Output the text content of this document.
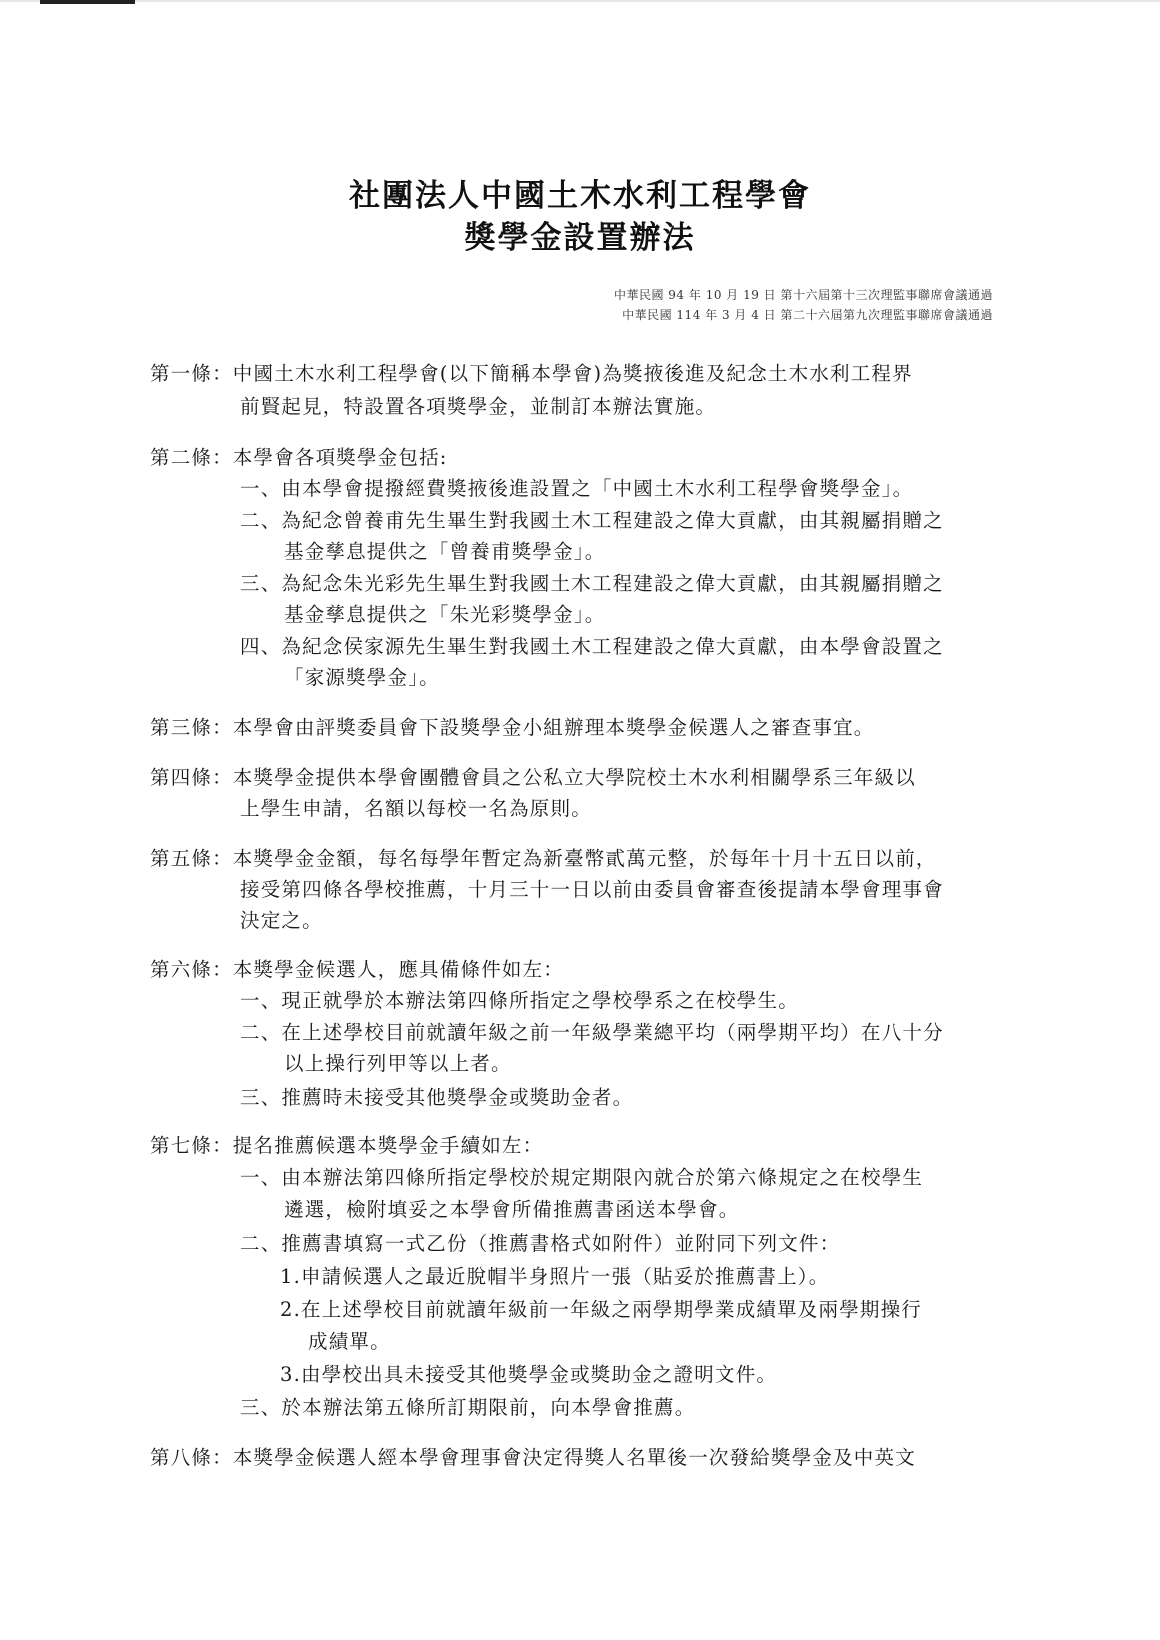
社團法人中國土木水利工程學會
獎學金設置辦法
中華民國 94 年 10 月 19 日 第十六屆第十三次理監事聯席會議通過
中華民國 114 年 3 月 4 日 第二十六屆第九次理監事聯席會議通過
第一條：中國土木水利工程學會(以下簡稱本學會)為獎掖後進及紀念土木水利工程界
前賢起見，特設置各項獎學金，並制訂本辦法實施。
第二條：本學會各項獎學金包括:
一、由本學會提撥經費獎掖後進設置之「中國土木水利工程學會獎學金」。
二、為紀念曾養甫先生畢生對我國土木工程建設之偉大貢獻，由其親屬捐贈之
基金孳息提供之「曾養甫獎學金」。
三、為紀念朱光彩先生畢生對我國土木工程建設之偉大貢獻，由其親屬捐贈之
基金孳息提供之「朱光彩獎學金」。
四、為紀念侯家源先生畢生對我國土木工程建設之偉大貢獻，由本學會設置之
「家源獎學金」。
第三條：本學會由評獎委員會下設獎學金小組辦理本獎學金候選人之審查事宜。
第四條：本獎學金提供本學會團體會員之公私立大學院校土木水利相關學系三年級以
上學生申請，名額以每校一名為原則。
第五條：本獎學金金額，每名每學年暫定為新臺幣貳萬元整，於每年十月十五日以前，
接受第四條各學校推薦，十月三十一日以前由委員會審查後提請本學會理事會
決定之。
第六條：本獎學金候選人，應具備條件如左：
一、現正就學於本辦法第四條所指定之學校學系之在校學生。
二、在上述學校目前就讀年級之前一年級學業總平均（兩學期平均）在八十分
以上操行列甲等以上者。
三、推薦時未接受其他獎學金或獎助金者。
第七條：提名推薦候選本獎學金手續如左：
一、由本辦法第四條所指定學校於規定期限內就合於第六條規定之在校學生
遴選，檢附填妥之本學會所備推薦書函送本學會。
二、推薦書填寫一式乙份（推薦書格式如附件）並附同下列文件：
1.申請候選人之最近脫帽半身照片一張（貼妥於推薦書上）。
2.在上述學校目前就讀年級前一年級之兩學期學業成績單及兩學期操行
成績單。
3.由學校出具未接受其他獎學金或獎助金之證明文件。
三、於本辦法第五條所訂期限前，向本學會推薦。
第八條：本獎學金候選人經本學會理事會決定得獎人名單後一次發給獎學金及中英文
